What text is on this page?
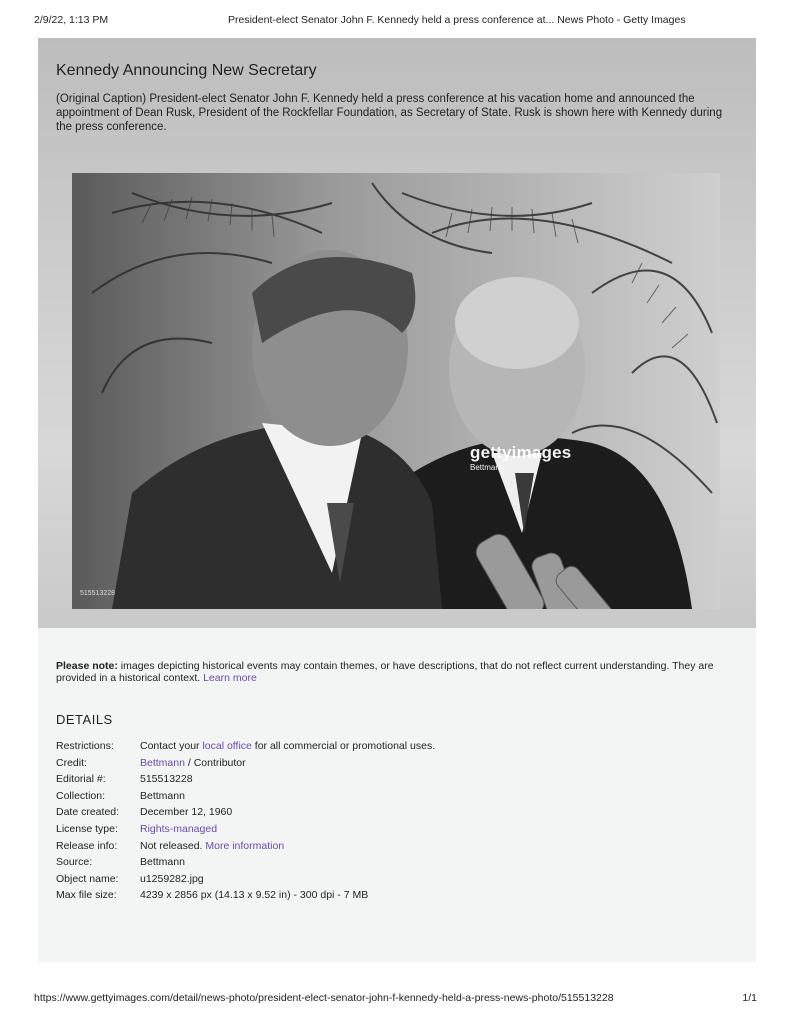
2/9/22, 1:13 PM	President-elect Senator John F. Kennedy held a press conference at... News Photo - Getty Images
Kennedy Announcing New Secretary
(Original Caption) President-elect Senator John F. Kennedy held a press conference at his vacation home and announced the appointment of Dean Rusk, President of the Rockfellar Foundation, as Secretary of State. Rusk is shown here with Kennedy during the press conference.
gettyimages
Bettmann
515513228
Please note: images depicting historical events may contain themes, or have descriptions, that do not reflect current understanding. They are provided in a historical context. Learn more
DETAILS
Restrictions:	Contact your local office for all commercial or promotional uses.
Credit:	Bettmann / Contributor
Editorial #:	515513228
Collection:	Bettmann
Date created:	December 12, 1960
License type:	Rights-managed
Release info:	Not released. More information
Source:	Bettmann
Object name:	u1259282.jpg
Max file size:	4239 x 2856 px (14.13 x 9.52 in) - 300 dpi - 7 MB
https://www.gettyimages.com/detail/news-photo/president-elect-senator-john-f-kennedy-held-a-press-news-photo/515513228	1/1
